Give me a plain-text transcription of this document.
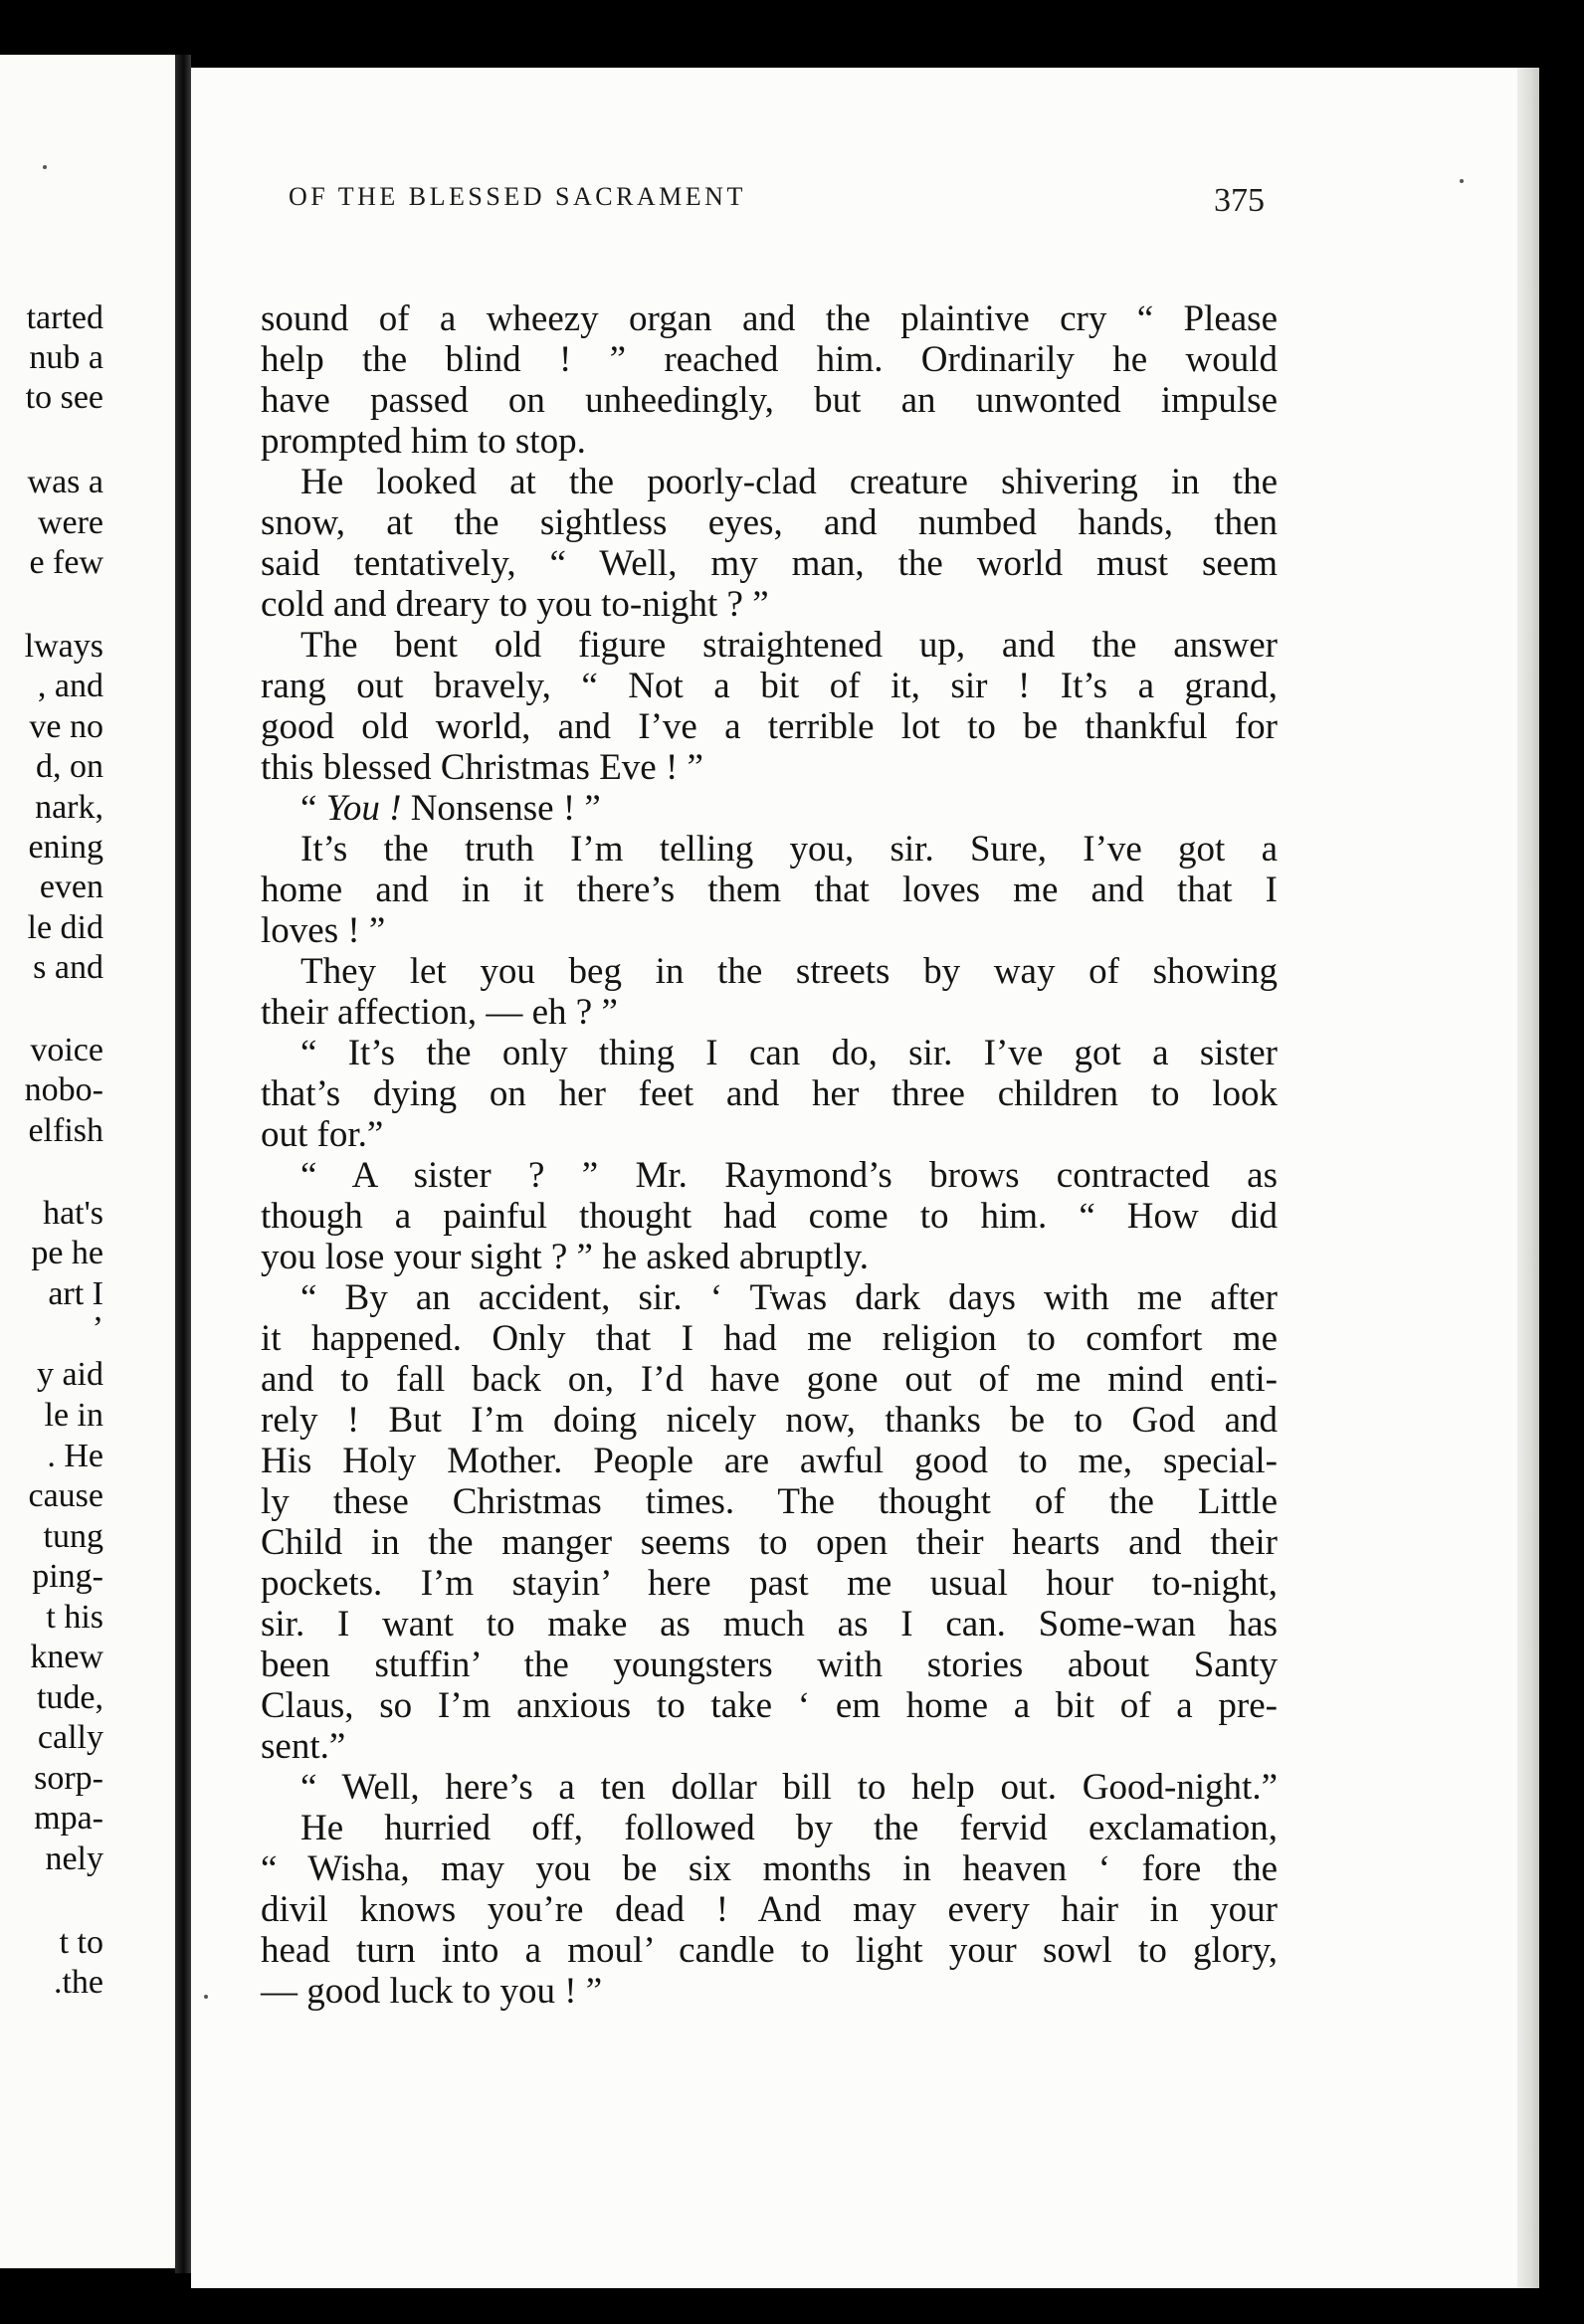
tarted
nub a
to see
was a
were
e few
lways
, and
ve no
d, on
nark,
ening
even
le did
s and
voice
nobo-
elfish
hat's
pe he
art I
’
y aid
le in
. He
cause
tung
ping-
t his
knew
tude,
cally
sorp-
mpa-
nely
t to
.the
OF THE BLESSED SACRAMENT	375
sound of a wheezy organ and the plaintive cry “ Please
help the blind ! ” reached him. Ordinarily he would
have passed on unheedingly, but an unwonted impulse
prompted him to stop.
He looked at the poorly-clad creature shivering in the
snow, at the sightless eyes, and numbed hands, then
said tentatively, “ Well, my man, the world must seem
cold and dreary to you to-night ? ”
The bent old figure straightened up, and the answer
rang out bravely, “ Not a bit of it, sir ! It’s a grand,
good old world, and I’ve a terrible lot to be thankful for
this blessed Christmas Eve ! ”
“ You ! Nonsense ! ”
It’s the truth I’m telling you, sir. Sure, I’ve got a
home and in it there’s them that loves me and that I
loves ! ”
They let you beg in the streets by way of showing
their affection, — eh ? ”
“ It’s the only thing I can do, sir. I’ve got a sister
that’s dying on her feet and her three children to look
out for.”
“ A sister ? ” Mr. Raymond’s brows contracted as
though a painful thought had come to him. “ How did
you lose your sight ? ” he asked abruptly.
“ By an accident, sir. ‘ Twas dark days with me after
it happened. Only that I had me religion to comfort me
and to fall back on, I’d have gone out of me mind enti-
rely ! But I’m doing nicely now, thanks be to God and
His Holy Mother. People are awful good to me, special-
ly these Christmas times. The thought of the Little
Child in the manger seems to open their hearts and their
pockets. I’m stayin’ here past me usual hour to-night,
sir. I want to make as much as I can. Some-wan has
been stuffin’ the youngsters with stories about Santy
Claus, so I’m anxious to take ‘ em home a bit of a pre-
sent.”
“ Well, here’s a ten dollar bill to help out. Good-night.”
He hurried off, followed by the fervid exclamation,
“ Wisha, may you be six months in heaven ‘ fore the
divil knows you’re dead ! And may every hair in your
head turn into a moul’ candle to light your sowl to glory,
— good luck to you ! ”
